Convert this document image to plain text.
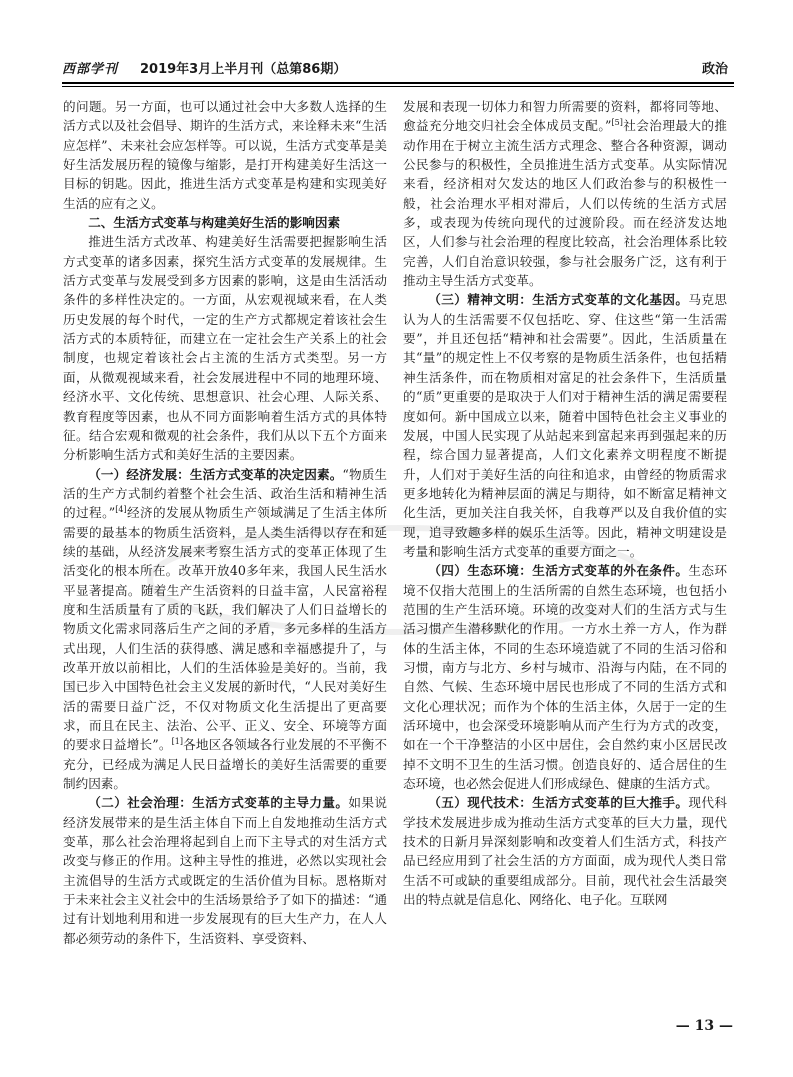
西部学刊 2019年3月上半月刊（总第86期）	政治

的问题。另一方面，也可以通过社会中大多数人选择的生活方式以及社会倡导、期许的生活方式，来诠释未来“生活应怎样”、未来社会应怎样等。可以说，生活方式变革是美好生活发展历程的镜像与缩影，是打开构建美好生活这一目标的钥匙。因此，推进生活方式变革是构建和实现美好生活的应有之义。

二、生活方式变革与构建美好生活的影响因素

推进生活方式改革、构建美好生活需要把握影响生活方式变革的诸多因素，探究生活方式变革的发展规律。生活方式变革与发展受到多方因素的影响，这是由生活活动条件的多样性决定的。一方面，从宏观视域来看，在人类历史发展的每个时代，一定的生产方式都规定着该社会生活方式的本质特征，而建立在一定社会生产关系上的社会制度，也规定着该社会占主流的生活方式类型。另一方面，从微观视域来看，社会发展进程中不同的地理环境、经济水平、文化传统、思想意识、社会心理、人际关系、教育程度等因素，也从不同方面影响着生活方式的具体特征。结合宏观和微观的社会条件，我们从以下五个方面来分析影响生活方式和美好生活的主要因素。

（一）经济发展：生活方式变革的决定因素。“物质生活的生产方式制约着整个社会生活、政治生活和精神生活的过程。”[4]经济的发展从物质生产领域满足了生活主体所需要的最基本的物质生活资料，是人类生活得以存在和延续的基础，从经济发展来考察生活方式的变革正体现了生活变化的根本所在。改革开放40多年来，我国人民生活水平显著提高。随着生产生活资料的日益丰富，人民富裕程度和生活质量有了质的飞跃，我们解决了人们日益增长的物质文化需求同落后生产之间的矛盾，多元多样的生活方式出现，人们生活的获得感、满足感和幸福感提升了，与改革开放以前相比，人们的生活体验是美好的。当前，我国已步入中国特色社会主义发展的新时代，“人民对美好生活的需要日益广泛，不仅对物质文化生活提出了更高要求，而且在民主、法治、公平、正义、安全、环境等方面的要求日益增长”。[1]各地区各领域各行业发展的不平衡不充分，已经成为满足人民日益增长的美好生活需要的重要制约因素。

（二）社会治理：生活方式变革的主导力量。如果说经济发展带来的是生活主体自下而上自发地推动生活方式变革，那么社会治理将起到自上而下主导式的对生活方式改变与修正的作用。这种主导性的推进，必然以实现社会主流倡导的生活方式或既定的生活价值为目标。恩格斯对于未来社会主义社会中的生活场景给予了如下的描述：“通过有计划地利用和进一步发展现有的巨大生产力，在人人都必须劳动的条件下，生活资料、享受资料、

发展和表现一切体力和智力所需要的资料，都将同等地、愈益充分地交归社会全体成员支配。”[5]社会治理最大的推动作用在于树立主流生活方式理念、整合各种资源，调动公民参与的积极性，全员推进生活方式变革。从实际情况来看，经济相对欠发达的地区人们政治参与的积极性一般，社会治理水平相对滞后，人们以传统的生活方式居多，或表现为传统向现代的过渡阶段。而在经济发达地区，人们参与社会治理的程度比较高，社会治理体系比较完善，人们自治意识较强，参与社会服务广泛，这有利于推动主导生活方式变革。

（三）精神文明：生活方式变革的文化基因。马克思认为人的生活需要不仅包括吃、穿、住这些“第一生活需要”，并且还包括“精神和社会需要”。因此，生活质量在其“量”的规定性上不仅考察的是物质生活条件，也包括精神生活条件，而在物质相对富足的社会条件下，生活质量的“质”更重要的是取决于人们对于精神生活的满足需要程度如何。新中国成立以来，随着中国特色社会主义事业的发展，中国人民实现了从站起来到富起来再到强起来的历程，综合国力显著提高，人们文化素养文明程度不断提升，人们对于美好生活的向往和追求，由曾经的物质需求更多地转化为精神层面的满足与期待，如不断富足精神文化生活，更加关注自我关怀，自我尊严以及自我价值的实现，追寻致趣多样的娱乐生活等。因此，精神文明建设是考量和影响生活方式变革的重要方面之一。

（四）生态环境：生活方式变革的外在条件。生态环境不仅指大范围上的生活所需的自然生态环境，也包括小范围的生产生活环境。环境的改变对人们的生活方式与生活习惯产生潜移默化的作用。一方水土养一方人，作为群体的生活主体，不同的生态环境造就了不同的生活习俗和习惯，南方与北方、乡村与城市、沿海与内陆，在不同的自然、气候、生态环境中居民也形成了不同的生活方式和文化心理状况；而作为个体的生活主体，久居于一定的生活环境中，也会深受环境影响从而产生行为方式的改变，如在一个干净整洁的小区中居住，会自然约束小区居民改掉不文明不卫生的生活习惯。创造良好的、适合居住的生态环境，也必然会促进人们形成绿色、健康的生活方式。

（五）现代技术：生活方式变革的巨大推手。现代科学技术发展进步成为推动生活方式变革的巨大力量，现代技术的日新月异深刻影响和改变着人们生活方式，科技产品已经应用到了社会生活的方方面面，成为现代人类日常生活不可或缺的重要组成部分。目前，现代社会生活最突出的特点就是信息化、网络化、电子化。互联网

— 13 —
